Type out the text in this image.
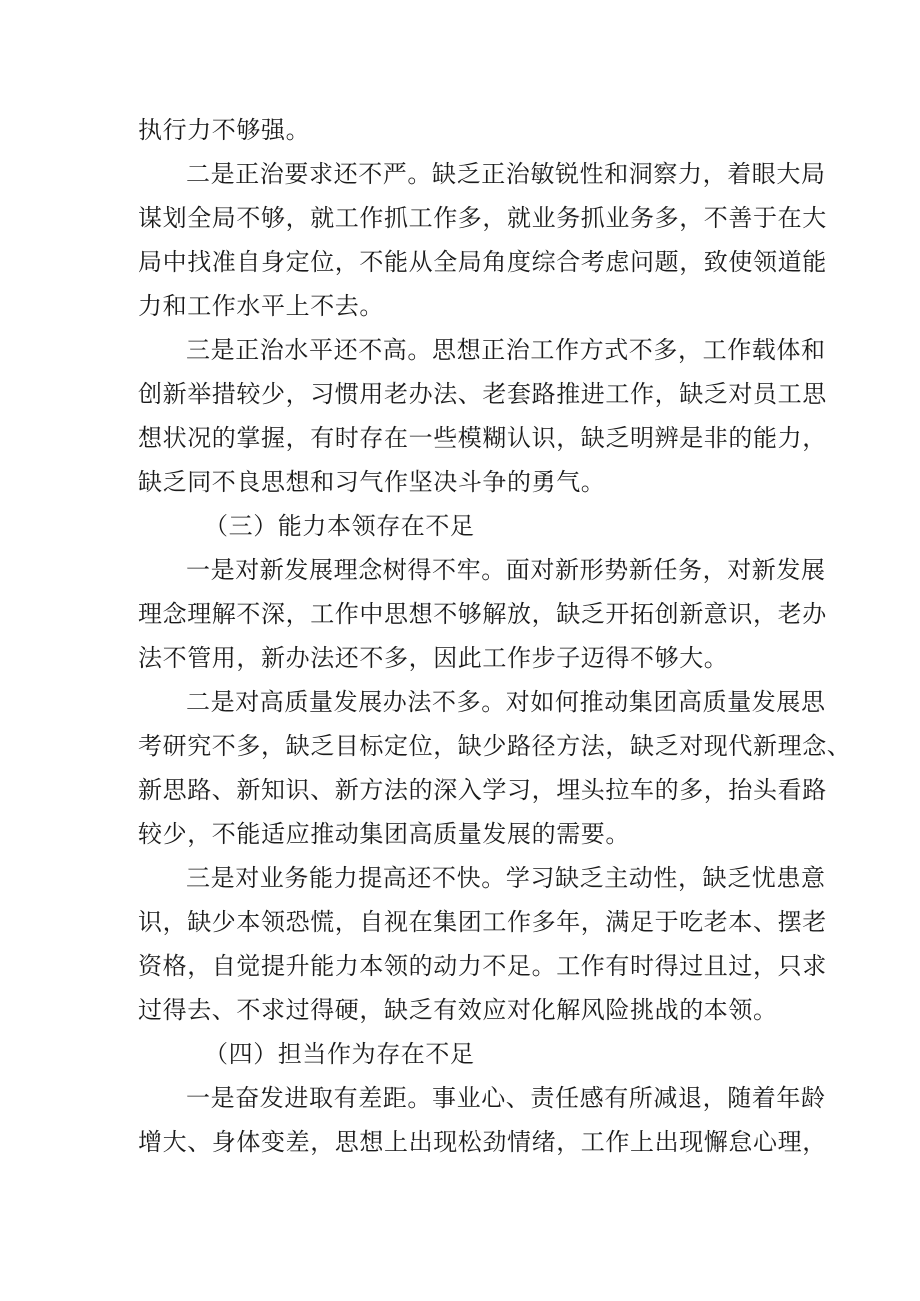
执行力不够强。
二是正治要求还不严。缺乏正治敏锐性和洞察力，着眼大局
谋划全局不够，就工作抓工作多，就业务抓业务多，不善于在大
局中找准自身定位，不能从全局角度综合考虑问题，致使领道能
力和工作水平上不去。
三是正治水平还不高。思想正治工作方式不多，工作载体和
创新举措较少，习惯用老办法、老套路推进工作，缺乏对员工思
想状况的掌握，有时存在一些模糊认识，缺乏明辨是非的能力，
缺乏同不良思想和习气作坚决斗争的勇气。
（三）能力本领存在不足
一是对新发展理念树得不牢。面对新形势新任务，对新发展
理念理解不深，工作中思想不够解放，缺乏开拓创新意识，老办
法不管用，新办法还不多，因此工作步子迈得不够大。
二是对高质量发展办法不多。对如何推动集团高质量发展思
考研究不多，缺乏目标定位，缺少路径方法，缺乏对现代新理念、
新思路、新知识、新方法的深入学习，埋头拉车的多，抬头看路
较少，不能适应推动集团高质量发展的需要。
三是对业务能力提高还不快。学习缺乏主动性，缺乏忧患意
识，缺少本领恐慌，自视在集团工作多年，满足于吃老本、摆老
资格，自觉提升能力本领的动力不足。工作有时得过且过，只求
过得去、不求过得硬，缺乏有效应对化解风险挑战的本领。
（四）担当作为存在不足
一是奋发进取有差距。事业心、责任感有所减退，随着年龄
增大、身体变差，思想上出现松劲情绪，工作上出现懈怠心理，
